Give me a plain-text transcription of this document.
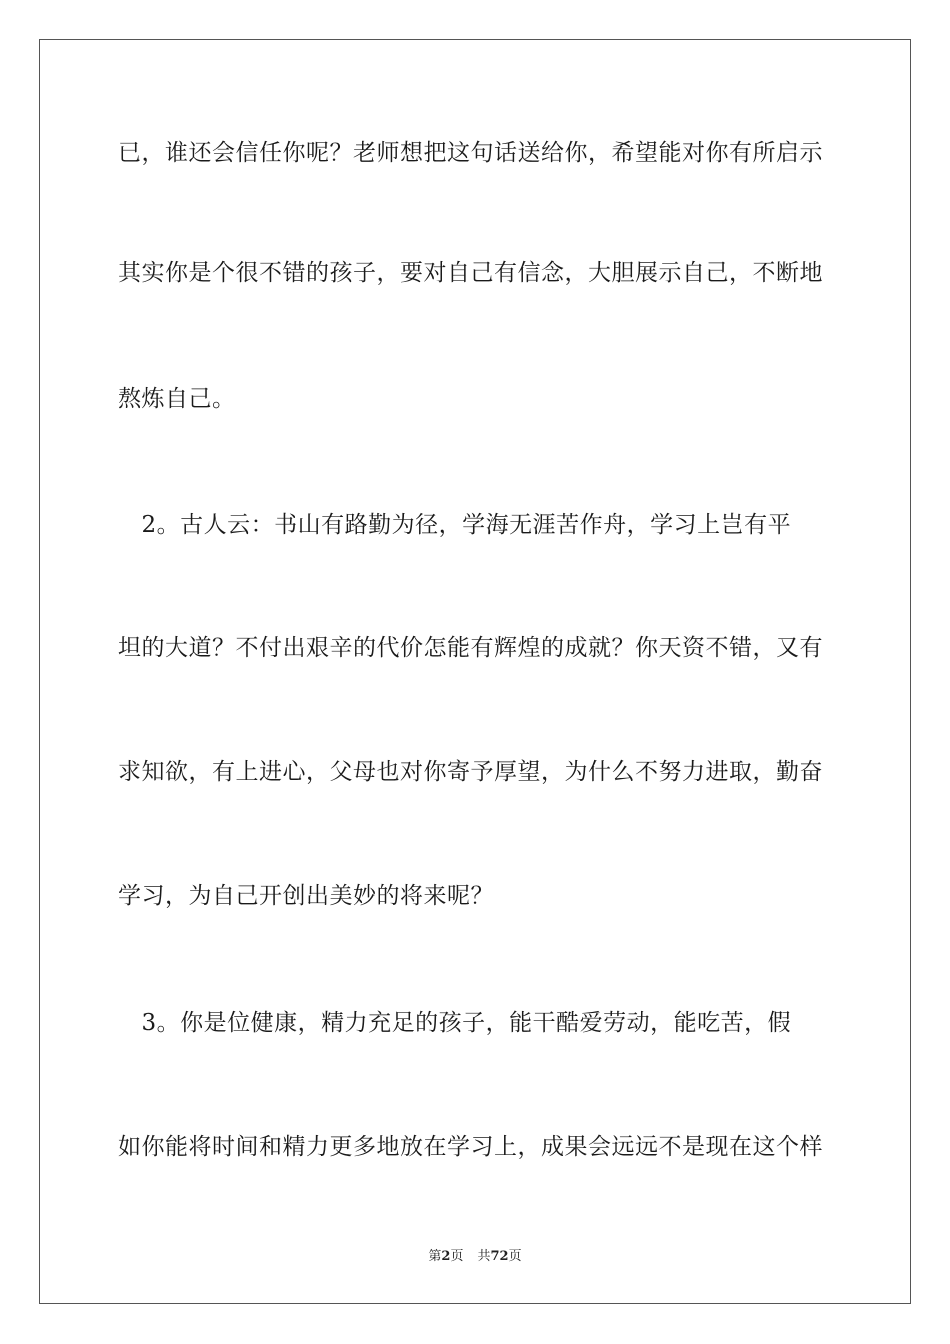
已，谁还会信任你呢？老师想把这句话送给你，希望能对你有所启示
其实你是个很不错的孩子，要对自己有信念，大胆展示自己，不断地
熬炼自己。
　2。古人云：书山有路勤为径，学海无涯苦作舟，学习上岂有平
坦的大道？不付出艰辛的代价怎能有辉煌的成就？你天资不错，又有
求知欲，有上进心，父母也对你寄予厚望，为什么不努力进取，勤奋
学习，为自己开创出美妙的将来呢？
　3。你是位健康，精力充足的孩子，能干酷爱劳动，能吃苦，假
如你能将时间和精力更多地放在学习上，成果会远远不是现在这个样
第2页 共72页
